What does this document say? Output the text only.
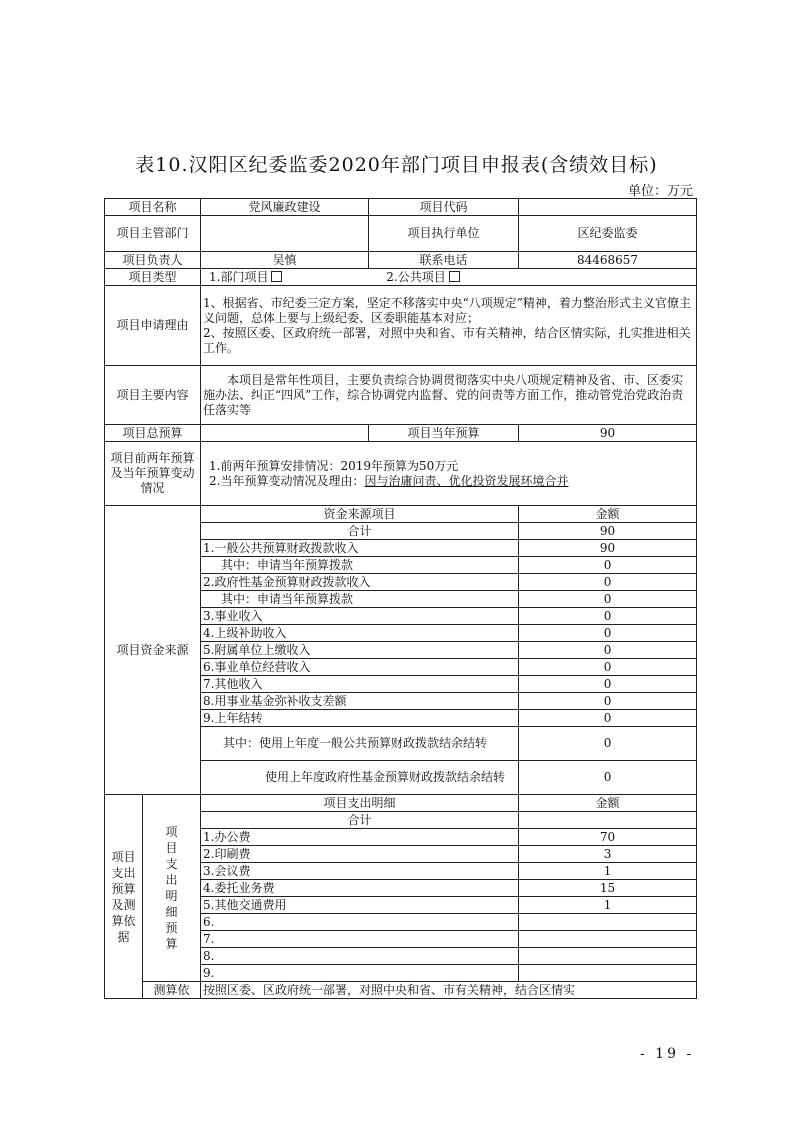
表10.汉阳区纪委监委2020年部门项目申报表(含绩效目标)
单位：万元
项目名称		党风廉政建设	项目代码	
项目主管部门			项目执行单位	区纪委监委
项目负责人		吴慎	联系电话	84468657
项目类型		1.部门项目 2.公共项目		
项目申请理由		1、根据省、市纪委三定方案，坚定不移落实中央“八项规定”精神，着力整治形式主义官僚主义问题，总体上要与上级纪委、区委职能基本对应；
2、按照区委、区政府统一部署，对照中央和省、市有关精神，结合区情实际，扎实推进相关工作。		

项目主要内容		本项目是常年性项目，主要负责综合协调贯彻落实中央八项规定精神及省、市、区委实施办法、纠正“四风”工作，综合协调党内监督、党的问责等方面工作，推动管党治党政治责任落实等		
项目总预算			项目当年预算	90
项目前两年预算及当年预算变动情况		1.前两年预算安排情况：2019年预算为50万元
2.当年预算变动情况及理由：因与治庸问责、优化投资发展环境合并		

项目资金来源		资金来源项目		金额
		合计		90
		1.一般公共预算财政拨款收入		90
		其中：申请当年预算拨款		0
		2.政府性基金预算财政拨款收入		0
		其中：申请当年预算拨款		0
		3.事业收入		0
		4.上级补助收入		0
		5.附属单位上缴收入		0
		6.事业单位经营收入		0
		7.其他收入		0
		8.用事业基金弥补收支差额		0
		9.上年结转		0
		其中：使用上年度一般公共预算财政拨款结余结转		0
		使用上年度政府性基金预算财政拨款结余结转		0
项目支出预算及测算依据	项目支出明细预算	项目支出明细		金额
		合计		
		1.办公费		70
		2.印刷费		3
		3.会议费		1
		4.委托业务费		15
		5.其他交通费用		1
		6.		
		7.		
		8.		
		9.		
	测算依	按照区委、区政府统一部署，对照中央和省、市有关精神，结合区情实		
- 19 -
